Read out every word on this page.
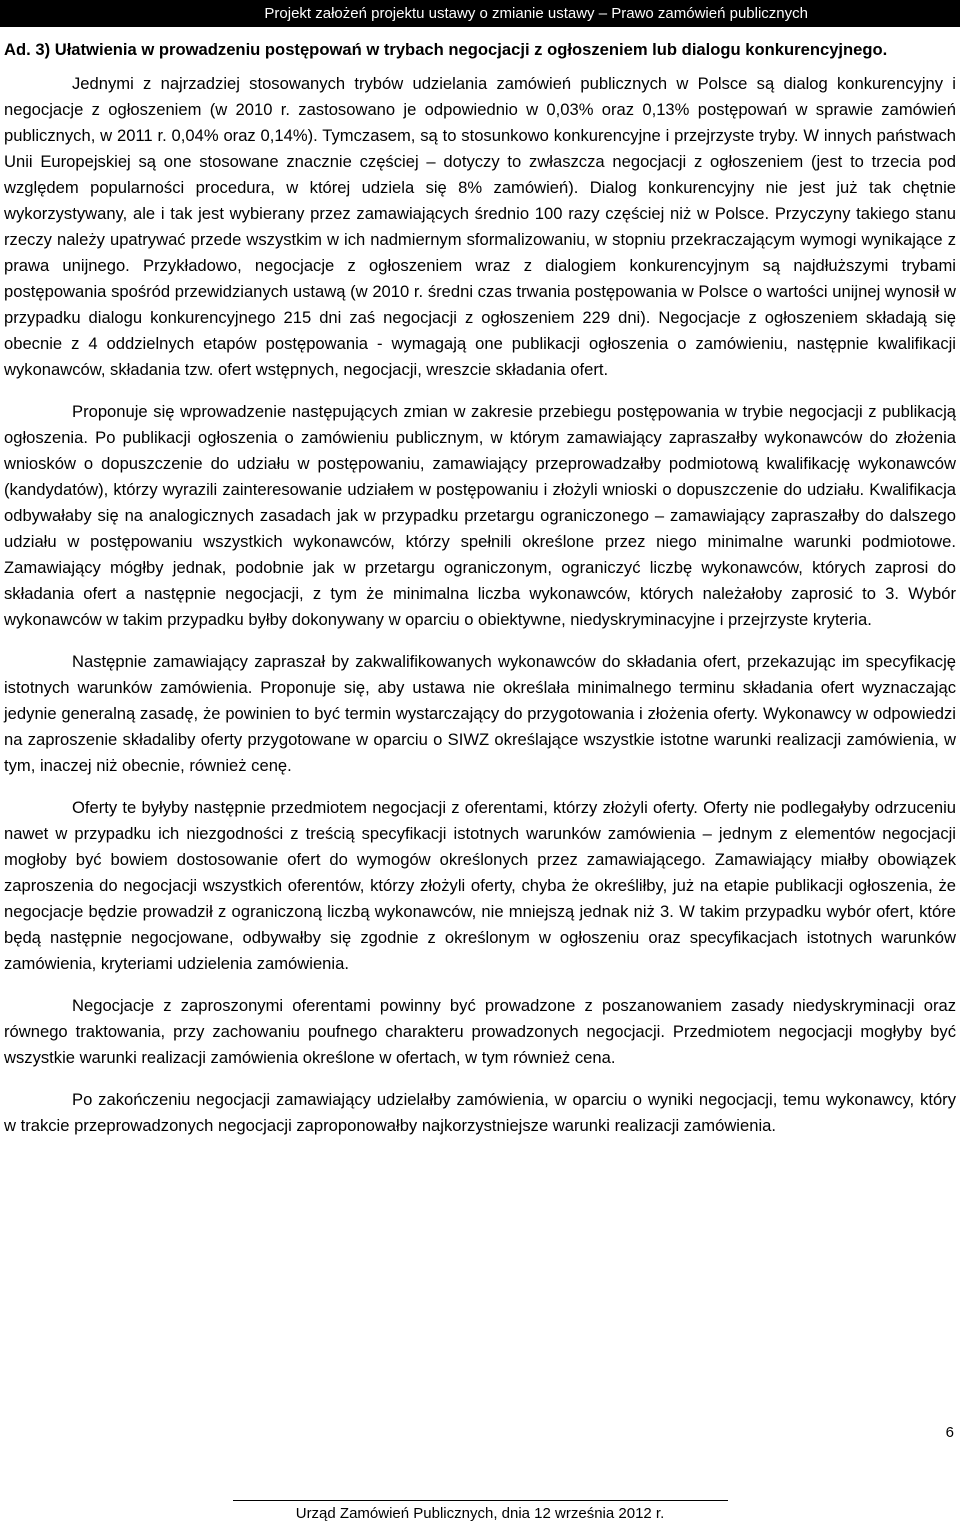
Projekt założeń projektu ustawy o zmianie ustawy – Prawo zamówień publicznych

Ad. 3) Ułatwienia w prowadzeniu postępowań w trybach negocjacji z ogłoszeniem lub dialogu konkurencyjnego.

Jednymi z najrzadziej stosowanych trybów udzielania zamówień publicznych w Polsce są dialog konkurencyjny i negocjacje z ogłoszeniem (w 2010 r. zastosowano je odpowiednio w 0,03% oraz 0,13% postępowań w sprawie zamówień publicznych, w 2011 r. 0,04% oraz 0,14%). Tymczasem, są to stosunkowo konkurencyjne i przejrzyste tryby. W innych państwach Unii Europejskiej są one stosowane znacznie częściej – dotyczy to zwłaszcza negocjacji z ogłoszeniem (jest to trzecia pod względem popularności procedura, w której udziela się 8% zamówień). Dialog konkurencyjny nie jest już tak chętnie wykorzystywany, ale i tak jest wybierany przez zamawiających średnio 100 razy częściej niż w Polsce. Przyczyny takiego stanu rzeczy należy upatrywać przede wszystkim w ich nadmiernym sformalizowaniu, w stopniu przekraczającym wymogi wynikające z prawa unijnego. Przykładowo, negocjacje z ogłoszeniem wraz z dialogiem konkurencyjnym są najdłuższymi trybami postępowania spośród przewidzianych ustawą (w 2010 r. średni czas trwania postępowania w Polsce o wartości unijnej wynosił w przypadku dialogu konkurencyjnego 215 dni zaś negocjacji z ogłoszeniem 229 dni). Negocjacje z ogłoszeniem składają się obecnie z 4 oddzielnych etapów postępowania - wymagają one publikacji ogłoszenia o zamówieniu, następnie kwalifikacji wykonawców, składania tzw. ofert wstępnych, negocjacji, wreszcie składania ofert.

Proponuje się wprowadzenie następujących zmian w zakresie przebiegu postępowania w trybie negocjacji z publikacją ogłoszenia. Po publikacji ogłoszenia o zamówieniu publicznym, w którym zamawiający zapraszałby wykonawców do złożenia wniosków o dopuszczenie do udziału w postępowaniu, zamawiający przeprowadzałby podmiotową kwalifikację wykonawców (kandydatów), którzy wyrazili zainteresowanie udziałem w postępowaniu i złożyli wnioski o dopuszczenie do udziału. Kwalifikacja odbywałaby się na analogicznych zasadach jak w przypadku przetargu ograniczonego – zamawiający zapraszałby do dalszego udziału w postępowaniu wszystkich wykonawców, którzy spełnili określone przez niego minimalne warunki podmiotowe. Zamawiający mógłby jednak, podobnie jak w przetargu ograniczonym, ograniczyć liczbę wykonawców, których zaprosi do składania ofert a następnie negocjacji, z tym że minimalna liczba wykonawców, których należałoby zaprosić to 3. Wybór wykonawców w takim przypadku byłby dokonywany w oparciu o obiektywne, niedyskryminacyjne i przejrzyste kryteria.

Następnie zamawiający zapraszał by zakwalifikowanych wykonawców do składania ofert, przekazując im specyfikację istotnych warunków zamówienia. Proponuje się, aby ustawa nie określała minimalnego terminu składania ofert wyznaczając jedynie generalną zasadę, że powinien to być termin wystarczający do przygotowania i złożenia oferty. Wykonawcy w odpowiedzi na zaproszenie składaliby oferty przygotowane w oparciu o SIWZ określające wszystkie istotne warunki realizacji zamówienia, w tym, inaczej niż obecnie, również cenę.

Oferty te byłyby następnie przedmiotem negocjacji z oferentami, którzy złożyli oferty. Oferty nie podlegałyby odrzuceniu nawet w przypadku ich niezgodności z treścią specyfikacji istotnych warunków zamówienia – jednym z elementów negocjacji mogłoby być bowiem dostosowanie ofert do wymogów określonych przez zamawiającego. Zamawiający miałby obowiązek zaproszenia do negocjacji wszystkich oferentów, którzy złożyli oferty, chyba że określiłby, już na etapie publikacji ogłoszenia, że negocjacje będzie prowadził z ograniczoną liczbą wykonawców, nie mniejszą jednak niż 3. W takim przypadku wybór ofert, które będą następnie negocjowane, odbywałby się zgodnie z określonym w ogłoszeniu oraz specyfikacjach istotnych warunków zamówienia, kryteriami udzielenia zamówienia.

Negocjacje z zaproszonymi oferentami powinny być prowadzone z poszanowaniem zasady niedyskryminacji oraz równego traktowania, przy zachowaniu poufnego charakteru prowadzonych negocjacji. Przedmiotem negocjacji mogłyby być wszystkie warunki realizacji zamówienia określone w ofertach, w tym również cena.

Po zakończeniu negocjacji zamawiający udzielałby zamówienia, w oparciu o wyniki negocjacji, temu wykonawcy, który w trakcie przeprowadzonych negocjacji zaproponowałby najkorzystniejsze warunki realizacji zamówienia.

6
Urząd Zamówień Publicznych, dnia 12 września 2012 r.
